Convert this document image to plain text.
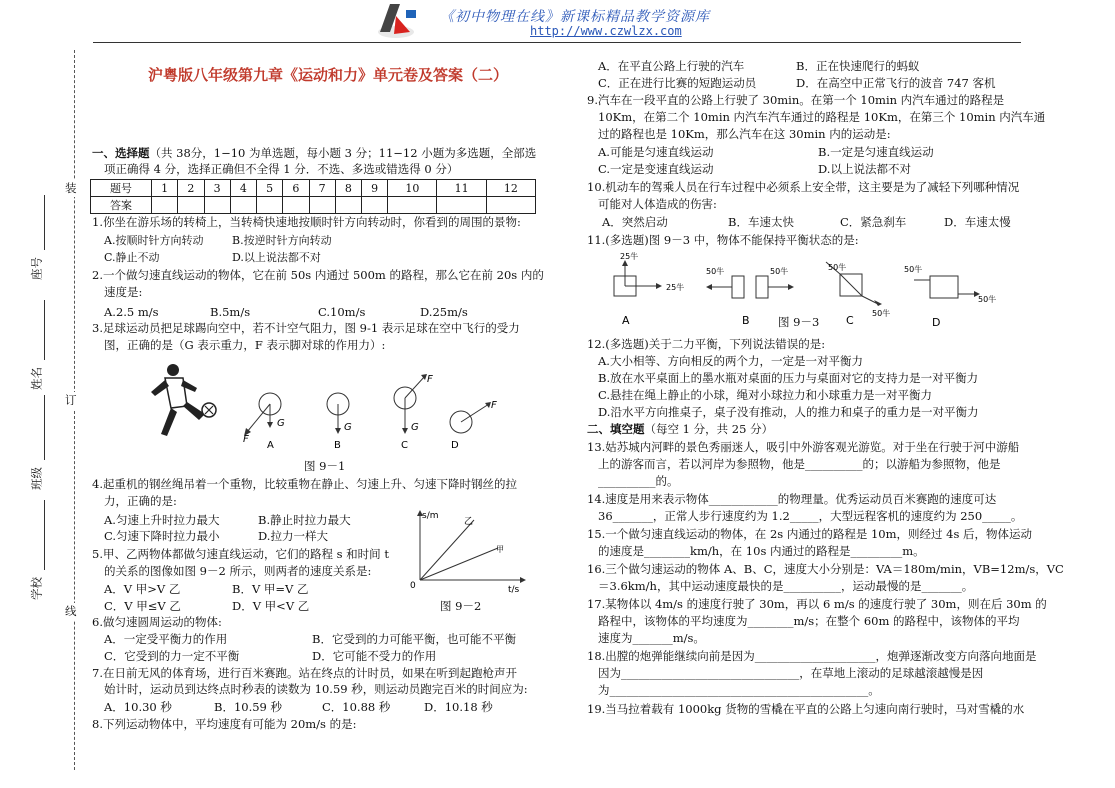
《初中物理在线》新课标精品教学资源库
http://www.czwlzx.com
装
订
线
座号
姓名
班级
学校
沪粤版八年级第九章《运动和力》单元卷及答案（二）
一、选择题（共 38分，1−10 为单选题，每小题 3 分；11−12 小题为多选题，全部选
项正确得 4 分，选择正确但不全得 1 分．不选、多选或错选得 0 分）
题号	1	2	3	4	5	6	7	8	9	10	11	12
答案												
1.你坐在游乐场的转椅上，当转椅快速地按顺时针方向转动时，你看到的周围的景物:
A.按顺时针方向转动	B.按逆时针方向转动
C.静止不动	D.以上说法都不对
2.一个做匀速直线运动的物体，它在前 50s 内通过 500m 的路程，那么它在前 20s 内的
速度是:
A.2.5 m/s	B.5m/s	C.10m/s	D.25m/s
3.足球运动员把足球踢向空中，若不计空气阻力，图 9-1 表示足球在空中飞行的受力
图，正确的是（G 表示重力，F 表示脚对球的作用力）:
G
F
A
G
B
F
G
C
F
D
图 9－1
4.起重机的钢丝绳吊着一个重物，比较重物在静止、匀速上升、匀速下降时钢丝的拉
力，正确的是:
A.匀速上升时拉力最大	B.静止时拉力最大
C.匀速下降时拉力最小	D.拉力一样大
s/m
t/s
0
乙
甲
5.甲、乙两物体都做匀速直线运动，它们的路程 s 和时间 t
的关系的图像如图 9－2 所示，则两者的速度关系是:
A．V 甲>V 乙	B．V 甲=V 乙
C．V 甲≤V 乙	D．V 甲<V 乙	图 9－2
6.做匀速圆周运动的物体:
A．一定受平衡力的作用	B．它受到的力可能平衡，也可能不平衡
C．它受到的力一定不平衡	D．它可能不受力的作用
7.在日前无风的体育场，进行百米赛跑。站在终点的计时员，如果在听到起跑枪声开
始计时，运动员到达终点时秒表的读数为 10.59 秒，则运动员跑完百米的时间应为:
A．10.30 秒	B．10.59 秒	C．10.88 秒	D．10.18 秒
8.下列运动物体中，平均速度有可能为 20m/s 的是:
A．在平直公路上行驶的汽车	B．正在快速爬行的蚂蚁
C．正在进行比赛的短跑运动员	D．在高空中正常飞行的波音 747 客机
9.汽车在一段平直的公路上行驶了 30min。在第一个 10min 内汽车通过的路程是
10Km，在第二个 10min 内汽车汽车通过的路程是 10Km，在第三个 10min 内汽车通
过的路程也是 10Km，那么汽车在这 30min 内的运动是:
A.可能是匀速直线运动	B.一定是匀速直线运动
C.一定是变速直线运动	D.以上说法都不对
10.机动车的驾乘人员在行车过程中必须系上安全带，这主要是为了减轻下列哪种情况
可能对人体造成的伤害:
A．突然启动	B．车速太快	C．紧急刹车	D．车速太慢
11.(多选题)图 9－3 中，物体不能保持平衡状态的是:
25牛
25牛
A
50牛	50牛
B
50牛
50牛
C
50牛
50牛
D
图 9－3
12.(多选题)关于二力平衡，下列说法错误的是:
A.大小相等、方向相反的两个力，一定是一对平衡力
B.放在水平桌面上的墨水瓶对桌面的压力与桌面对它的支持力是一对平衡力
C.悬挂在绳上静止的小球，绳对小球拉力和小球重力是一对平衡力
D.沿水平方向推桌子，桌子没有推动，人的推力和桌子的重力是一对平衡力
二、填空题（每空 1 分，共 25 分）
13.姑苏城内河畔的景色秀丽迷人，吸引中外游客观光游览。对于坐在行驶于河中游船
上的游客而言，若以河岸为参照物，他是__________的；以游船为参照物，他是
__________的。
14.速度是用来表示物体____________的物理量。优秀运动员百米赛跑的速度可达
36_______，正常人步行速度约为 1.2_____，大型远程客机的速度约为 250_____。
15.一个做匀速直线运动的物体，在 2s 内通过的路程是 10m，则经过 4s 后，物体运动
的速度是________km/h，在 10s 内通过的路程是_________m。
16.三个做匀速运动的物体 A、B、C，速度大小分别是：VA＝180m/min，VB=12m/s，VC
＝3.6km/h，其中运动速度最快的是__________，运动最慢的是_______。
17.某物体以 4m/s 的速度行驶了 30m，再以 6 m/s 的速度行驶了 30m，则在后 30m 的
路程中，该物体的平均速度为________m/s；在整个 60m 的路程中，该物体的平均
速度为_______m/s。
18.出膛的炮弹能继续向前是因为_____________________，炮弹逐渐改变方向落向地面是
因为_______________________________，在草地上滚动的足球越滚越慢是因
为_____________________________________________。
19.当马拉着载有 1000kg 货物的雪橇在平直的公路上匀速向南行驶时，马对雪橇的水
